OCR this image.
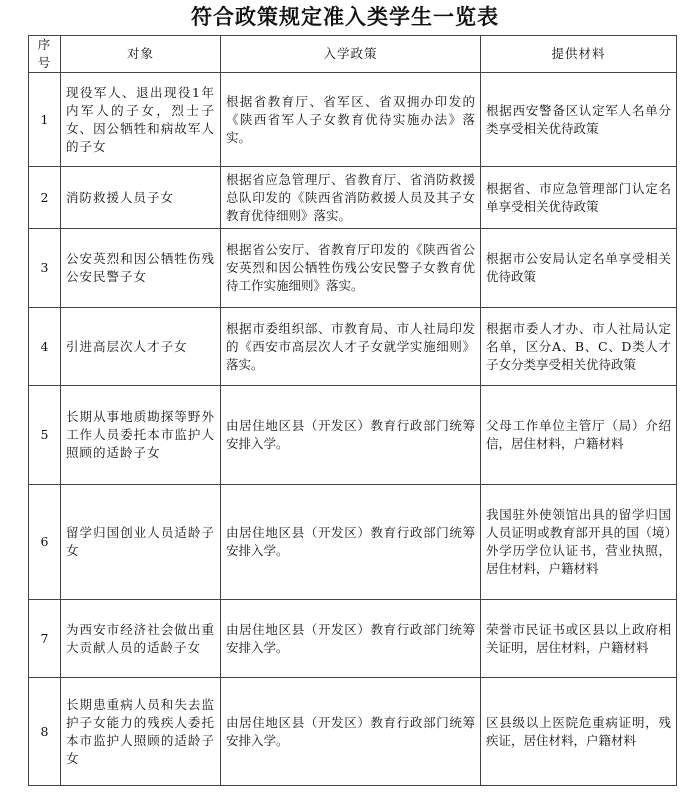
符合政策规定准入类学生一览表
序号	对象	入学政策	提供材料
1	现役军人、退出现役1年内军人的子女，烈士子女、因公牺牲和病故军人的子女	根据省教育厅、省军区、省双拥办印发的《陕西省军人子女教育优待实施办法》落实。	根据西安警备区认定军人名单分类享受相关优待政策
2	消防救援人员子女	根据省应急管理厅、省教育厅、省消防救援总队印发的《陕西省消防救援人员及其子女教育优待细则》落实。	根据省、市应急管理部门认定名单享受相关优待政策
3	公安英烈和因公牺牲伤残公安民警子女	根据省公安厅、省教育厅印发的《陕西省公安英烈和因公牺牲伤残公安民警子女教育优待工作实施细则》落实。	根据市公安局认定名单享受相关优待政策
4	引进高层次人才子女	根据市委组织部、市教育局、市人社局印发的《西安市高层次人才子女就学实施细则》落实。	根据市委人才办、市人社局认定名单，区分A、B、C、D类人才子女分类享受相关优待政策
5	长期从事地质勘探等野外工作人员委托本市监护人照顾的适龄子女	由居住地区县（开发区）教育行政部门统筹安排入学。	父母工作单位主管厅（局）介绍信，居住材料，户籍材料
6	留学归国创业人员适龄子女	由居住地区县（开发区）教育行政部门统筹安排入学。	我国驻外使领馆出具的留学归国人员证明或教育部开具的国（境）外学历学位认证书，营业执照，居住材料，户籍材料
7	为西安市经济社会做出重大贡献人员的适龄子女	由居住地区县（开发区）教育行政部门统筹安排入学。	荣誉市民证书或区县以上政府相关证明，居住材料，户籍材料
8	长期患重病人员和失去监护子女能力的残疾人委托本市监护人照顾的适龄子女	由居住地区县（开发区）教育行政部门统筹安排入学。	区县级以上医院危重病证明，残疾证，居住材料，户籍材料
